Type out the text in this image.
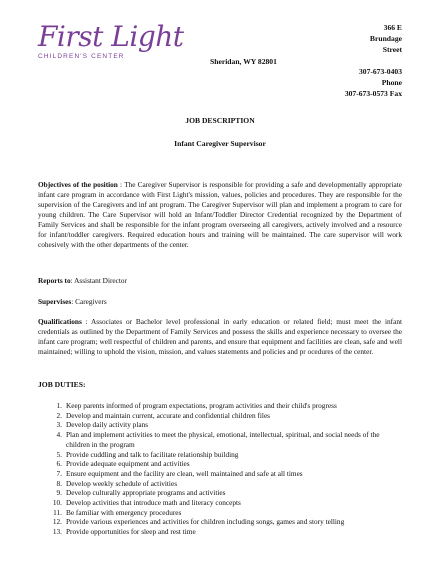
First Light
CHILDREN'S CENTER
Sheridan, WY 82801
366 E
Brundage
Street
307-673-0403
Phone
307-673-0573 Fax
JOB DESCRIPTION
Infant Caregiver Supervisor
Objectives of the position : The Caregiver Supervisor is responsible for providing a safe and developmentally appropriate infant care program in accordance with First Light's mission, values, policies and procedures. They are responsible for the supervision of the Caregivers and inf ant program. The Caregiver Supervisor will plan and implement a program to care for young children. The Care Supervisor will hold an Infant/Toddler Director Credential recognized by the Department of Family Services and shall be responsible for the infant program overseeing all caregivers, actively involved and a resource for infant/toddler caregivers. Required education hours and training will be maintained. The care supervisor will work cohesively with the other departments of the center.
Reports to: Assistant Director
Supervises: Caregivers
Qualifications : Associates or Bachelor level professional in early education or related field; must meet the infant credentials as outlined by the Department of Family Services and possess the skills and experience necessary to oversee the infant care program; well respectful of children and parents, and ensure that equipment and facilities are clean, safe and well maintained; willing to uphold the vision, mission, and values statements and policies and pr ocedures of the center.
JOB DUTIES:
1. Keep parents informed of program expectations, program activities and their child's progress
2. Develop and maintain current, accurate and confidential children files
3. Develop daily activity plans
4. Plan and implement activities to meet the physical, emotional, intellectual, spiritual, and social needs of the children in the program
5. Provide cuddling and talk to facilitate relationship building
6. Provide adequate equipment and activities
7. Ensure equipment and the facility are clean, well maintained and safe at all times
8. Develop weekly schedule of activities
9. Develop culturally appropriate programs and activities
10. Develop activities that introduce math and literacy concepts
11. Be familiar with emergency procedures
12. Provide various experiences and activities for children including songs, games and story telling
13. Provide opportunities for sleep and rest time
